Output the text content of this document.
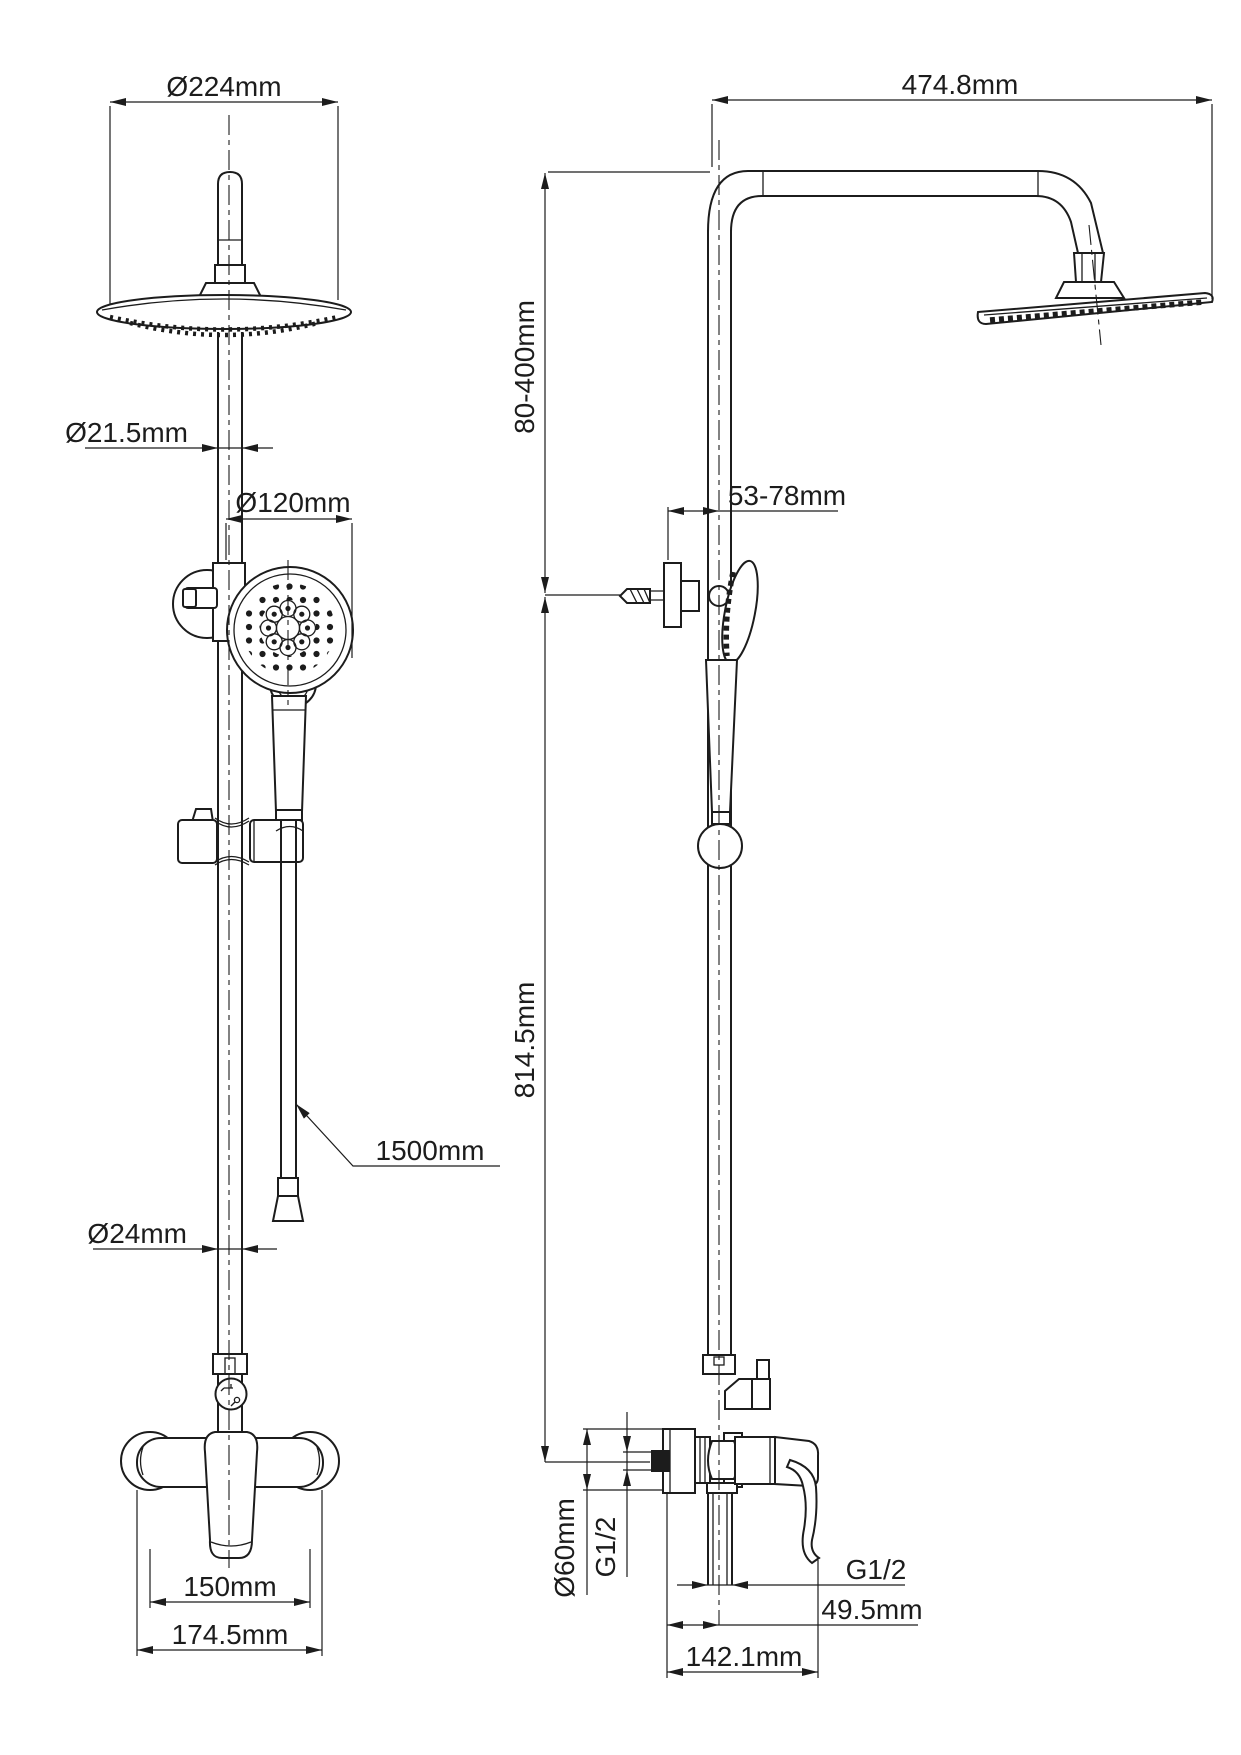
Ø224mm
Ø21.5mm
Ø120mm
1500mm
Ø24mm
150mm
174.5mm
474.8mm
80-400mm
814.5mm
53-78mm
Ø60mm G1/2	G1/2
49.5mm
142.1mm
